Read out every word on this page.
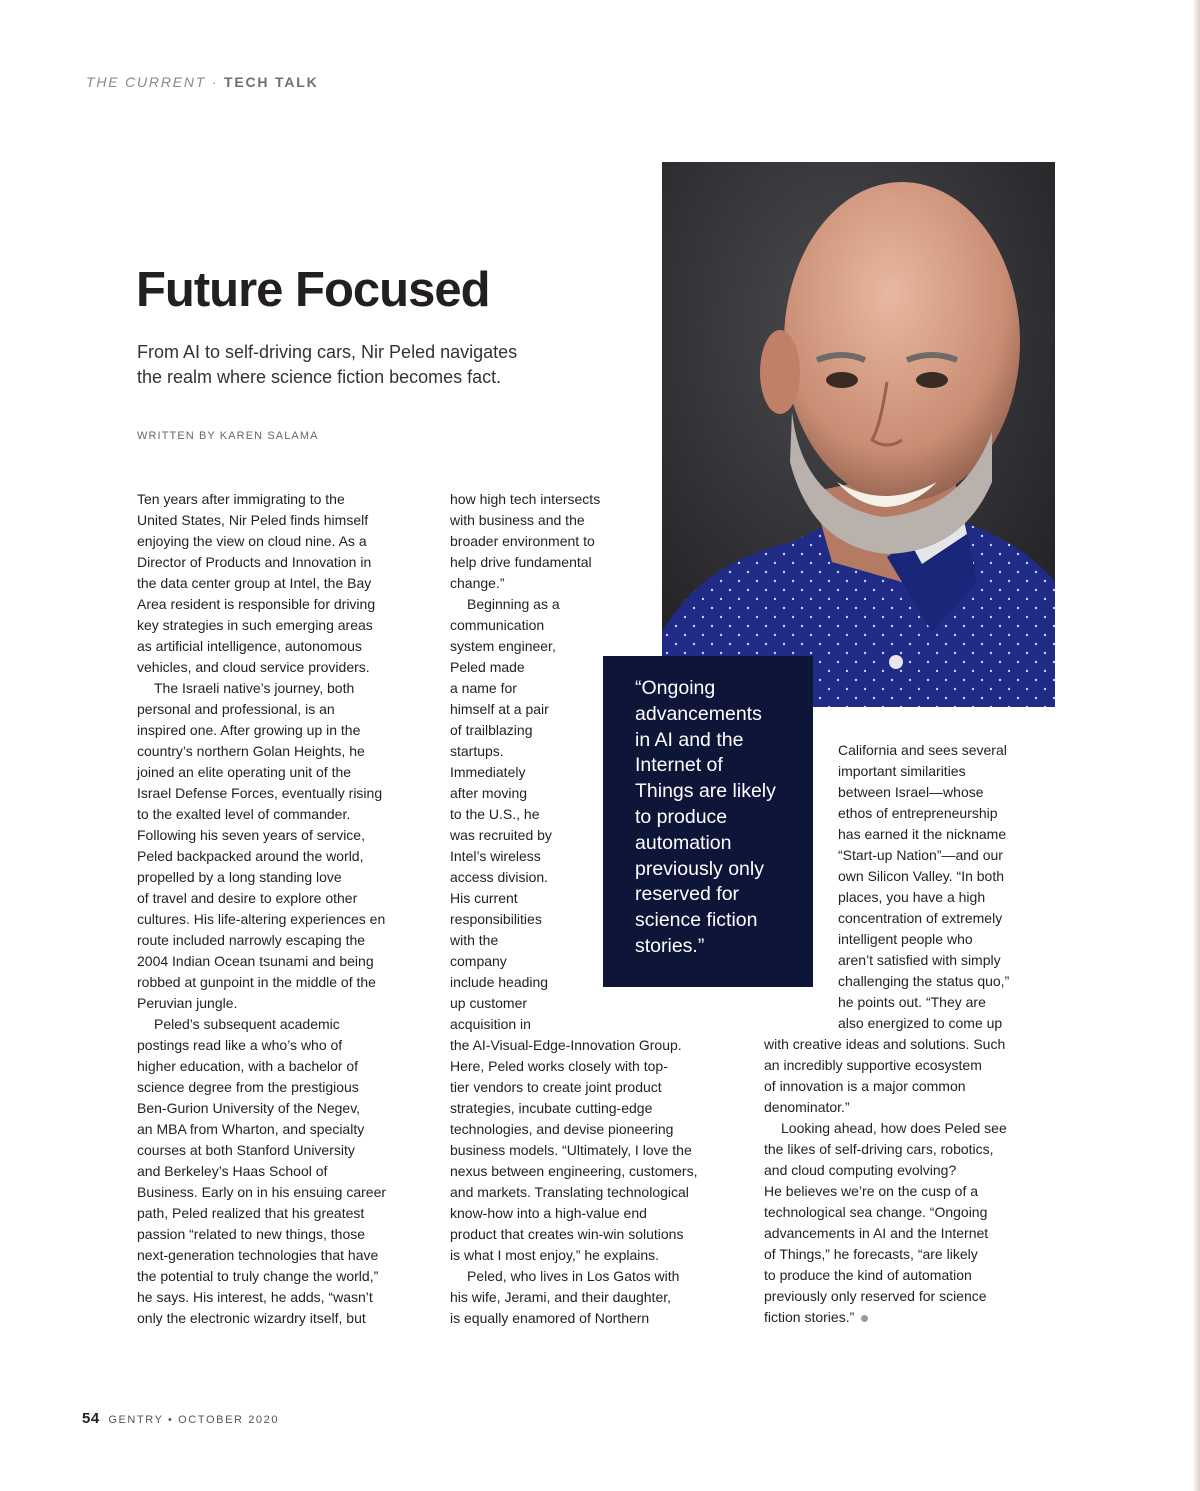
THE CURRENT · TECH TALK
Future Focused
From AI to self-driving cars, Nir Peled navigates
the realm where science fiction becomes fact.
WRITTEN BY KAREN SALAMA

“Ongoing
advancements
in AI and the
Internet of
Things are likely
to produce
automation
previously only
reserved for
science fiction
stories.”

Ten years after immigrating to the
United States, Nir Peled finds himself
enjoying the view on cloud nine. As a
Director of Products and Innovation in
the data center group at Intel, the Bay
Area resident is responsible for driving
key strategies in such emerging areas
as artificial intelligence, autonomous
vehicles, and cloud service providers.
The Israeli native’s journey, both
personal and professional, is an
inspired one. After growing up in the
country’s northern Golan Heights, he
joined an elite operating unit of the
Israel Defense Forces, eventually rising
to the exalted level of commander.
Following his seven years of service,
Peled backpacked around the world,
propelled by a long standing love
of travel and desire to explore other
cultures. His life-altering experiences en
route included narrowly escaping the
2004 Indian Ocean tsunami and being
robbed at gunpoint in the middle of the
Peruvian jungle.
Peled’s subsequent academic
postings read like a who’s who of
higher education, with a bachelor of
science degree from the prestigious
Ben-Gurion University of the Negev,
an MBA from Wharton, and specialty
courses at both Stanford University
and Berkeley’s Haas School of
Business. Early on in his ensuing career
path, Peled realized that his greatest
passion “related to new things, those
next-generation technologies that have
the potential to truly change the world,”
he says. His interest, he adds, “wasn’t
only the electronic wizardry itself, but
how high tech intersects
with business and the
broader environment to
help drive fundamental
change.”
Beginning as a
communication
system engineer,
Peled made
a name for
himself at a pair
of trailblazing
startups.
Immediately
after moving
to the U.S., he
was recruited by
Intel’s wireless
access division.
His current
responsibilities
with the
company
include heading
up customer
acquisition in
the AI-Visual-Edge-Innovation Group.
Here, Peled works closely with top-
tier vendors to create joint product
strategies, incubate cutting-edge
technologies, and devise pioneering
business models. “Ultimately, I love the
nexus between engineering, customers,
and markets. Translating technological
know-how into a high-value end
product that creates win-win solutions
is what I most enjoy,” he explains.
Peled, who lives in Los Gatos with
his wife, Jerami, and their daughter,
is equally enamored of Northern
California and sees several
important similarities
between Israel—whose
ethos of entrepreneurship
has earned it the nickname
“Start-up Nation”—and our
own Silicon Valley. “In both
places, you have a high
concentration of extremely
intelligent people who
aren’t satisfied with simply
challenging the status quo,”
he points out. “They are
also energized to come up
with creative ideas and solutions. Such
an incredibly supportive ecosystem
of innovation is a major common
denominator.”
Looking ahead, how does Peled see
the likes of self-driving cars, robotics,
and cloud computing evolving?
He believes we’re on the cusp of a
technological sea change. “Ongoing
advancements in AI and the Internet
of Things,” he forecasts, “are likely
to produce the kind of automation
previously only reserved for science
fiction stories.”
54 GENTRY • OCTOBER 2020
